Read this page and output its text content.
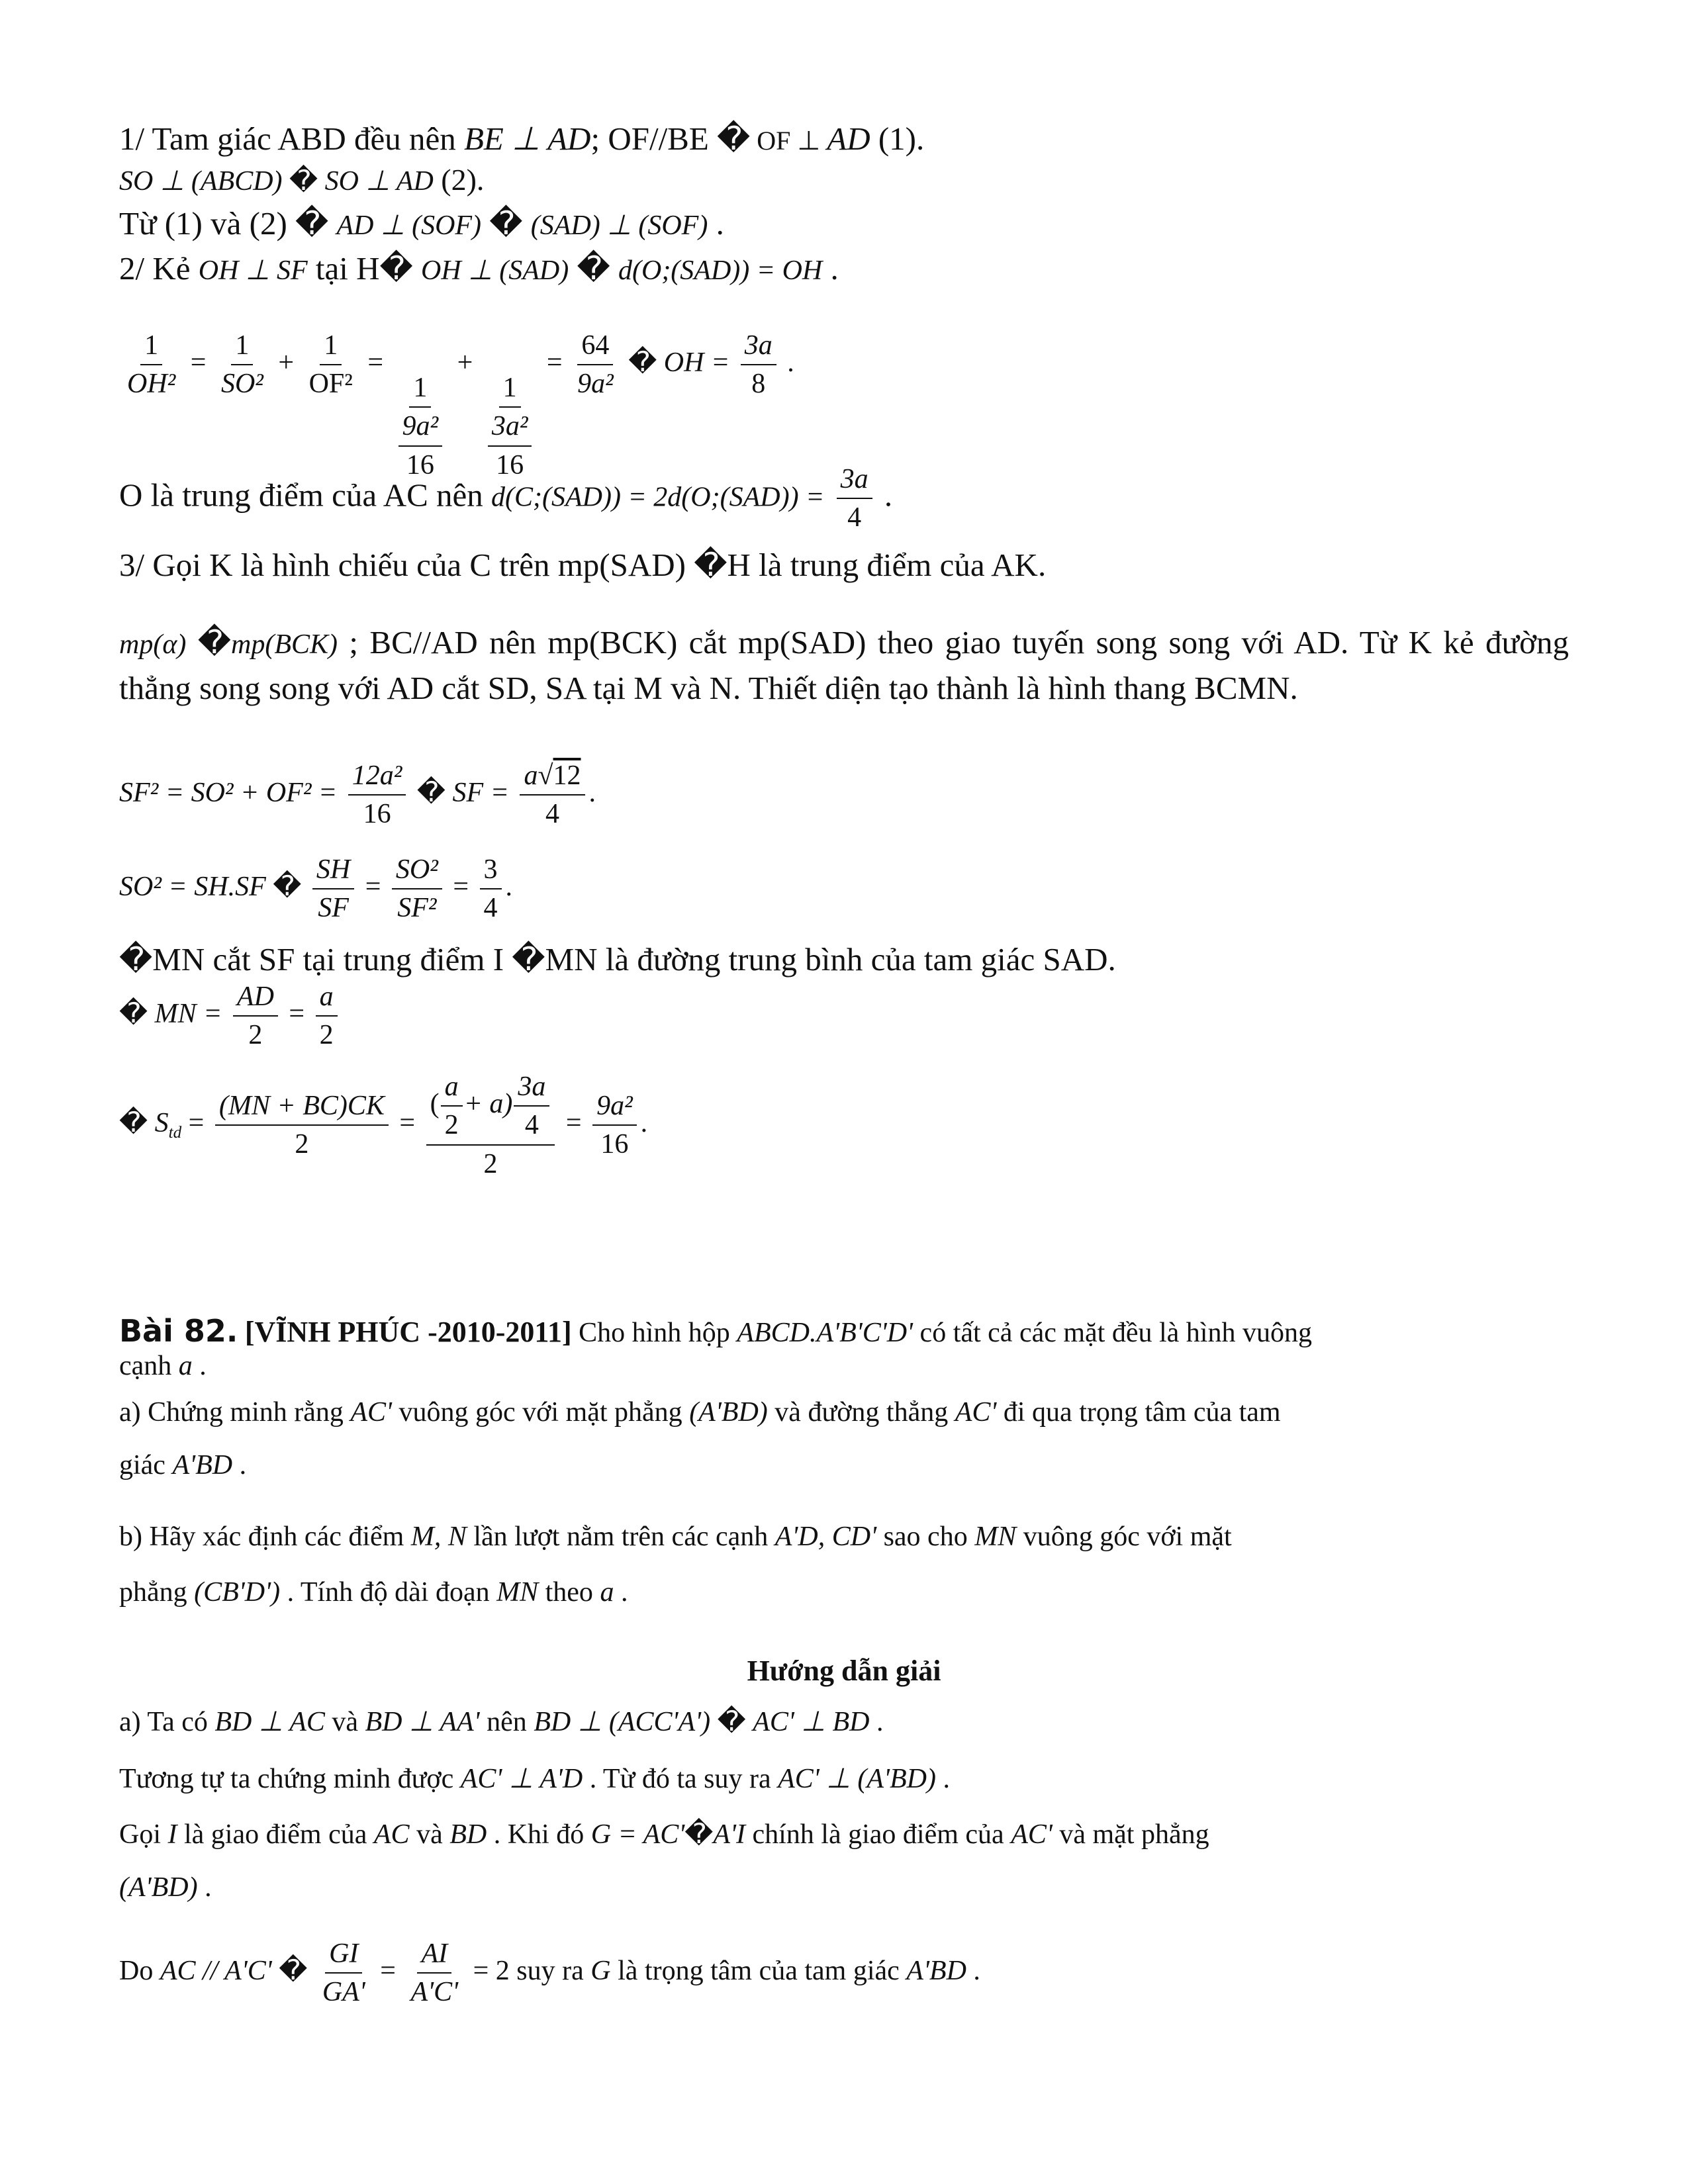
1/ Tam giác ABD đều nên BE ⊥ AD; OF//BE � OF ⊥ AD (1).
SO ⊥ (ABCD) � SO ⊥ AD (2).
Từ (1) và (2) � AD ⊥ (SOF) � (SAD) ⊥ (SOF) .
2/ Kẻ OH ⊥ SF tại H� OH ⊥ (SAD) � d(O;(SAD)) = OH .
$\frac{1}{\text{OH²}} = \frac{1}{\text{SO²}} + \frac{1}{\text{OF²}}$ =
$\frac{1}{\frac{\text{9a²}}{16}}$
+
$\frac{1}{\frac{\text{3a²}}{16}}$
= $\frac{64}{\text{9a²}}$ � OH = $\frac{3a}{8}$ .
O là trung điểm của AC nên d(C;(SAD)) = 2d(O;(SAD)) = $\frac{3a}{4}$ .
3/ Gọi K là hình chiếu của C trên mp(SAD) �H là trung điểm của AK.
mp(α) �mp(BCK) ; BC//AD nên mp(BCK) cắt mp(SAD) theo giao tuyến song song với AD. Từ K kẻ đường thẳng song song với AD cắt SD, SA tại M và N. Thiết diện tạo thành là hình thang BCMN.
$SF^2 = SO^2 + OF^2 = \frac{\text{12a²}}{16}$ � SF = $\frac{a√12}{4}$ .
SO² = SH.SF � $\frac{SH}{SF} = \frac{\text{SO²}}{\text{SF²}} = \frac{3}{4}$ .
�MN cắt SF tại trung điểm I �MN là đường trung bình của tam giác SAD.
� MN = $\frac{AD}{2} = \frac{a}{2}$
� $S_{td} = \frac{(MN + BC)CK}{2} = \frac{( \frac{a}{2} + a) \frac{3a}{4}}{2} = \frac{\text{9a²}}{16}$ .
Bài 82. [VĨNH PHÚC -2010-2011] Cho hình hộp ABCD.A'B'C'D' có tất cả các mặt đều là hình vuông
cạnh a .
a) Chứng minh rằng AC' vuông góc với mặt phẳng (A'BD) và đường thẳng AC' đi qua trọng tâm của tam
giác A'BD .
b) Hãy xác định các điểm M, N lần lượt nằm trên các cạnh A'D, CD' sao cho MN vuông góc với mặt
phẳng (CB'D') . Tính độ dài đoạn MN theo a .
Hướng dẫn giải
a) Ta có BD ⊥ AC và BD ⊥ AA' nên BD ⊥ (ACC'A') � AC' ⊥ BD .
Tương tự ta chứng minh được AC' ⊥ A'D . Từ đó ta suy ra AC' ⊥ (A'BD) .
Gọi I là giao điểm của AC và BD . Khi đó G = AC'�A'I chính là giao điểm của AC' và mặt phẳng
(A'BD) .
Do AC // A'C' � $\frac{GI}{GA'} = \frac{AI}{A'C'} = 2$ suy ra G là trọng tâm của tam giác A'BD .
